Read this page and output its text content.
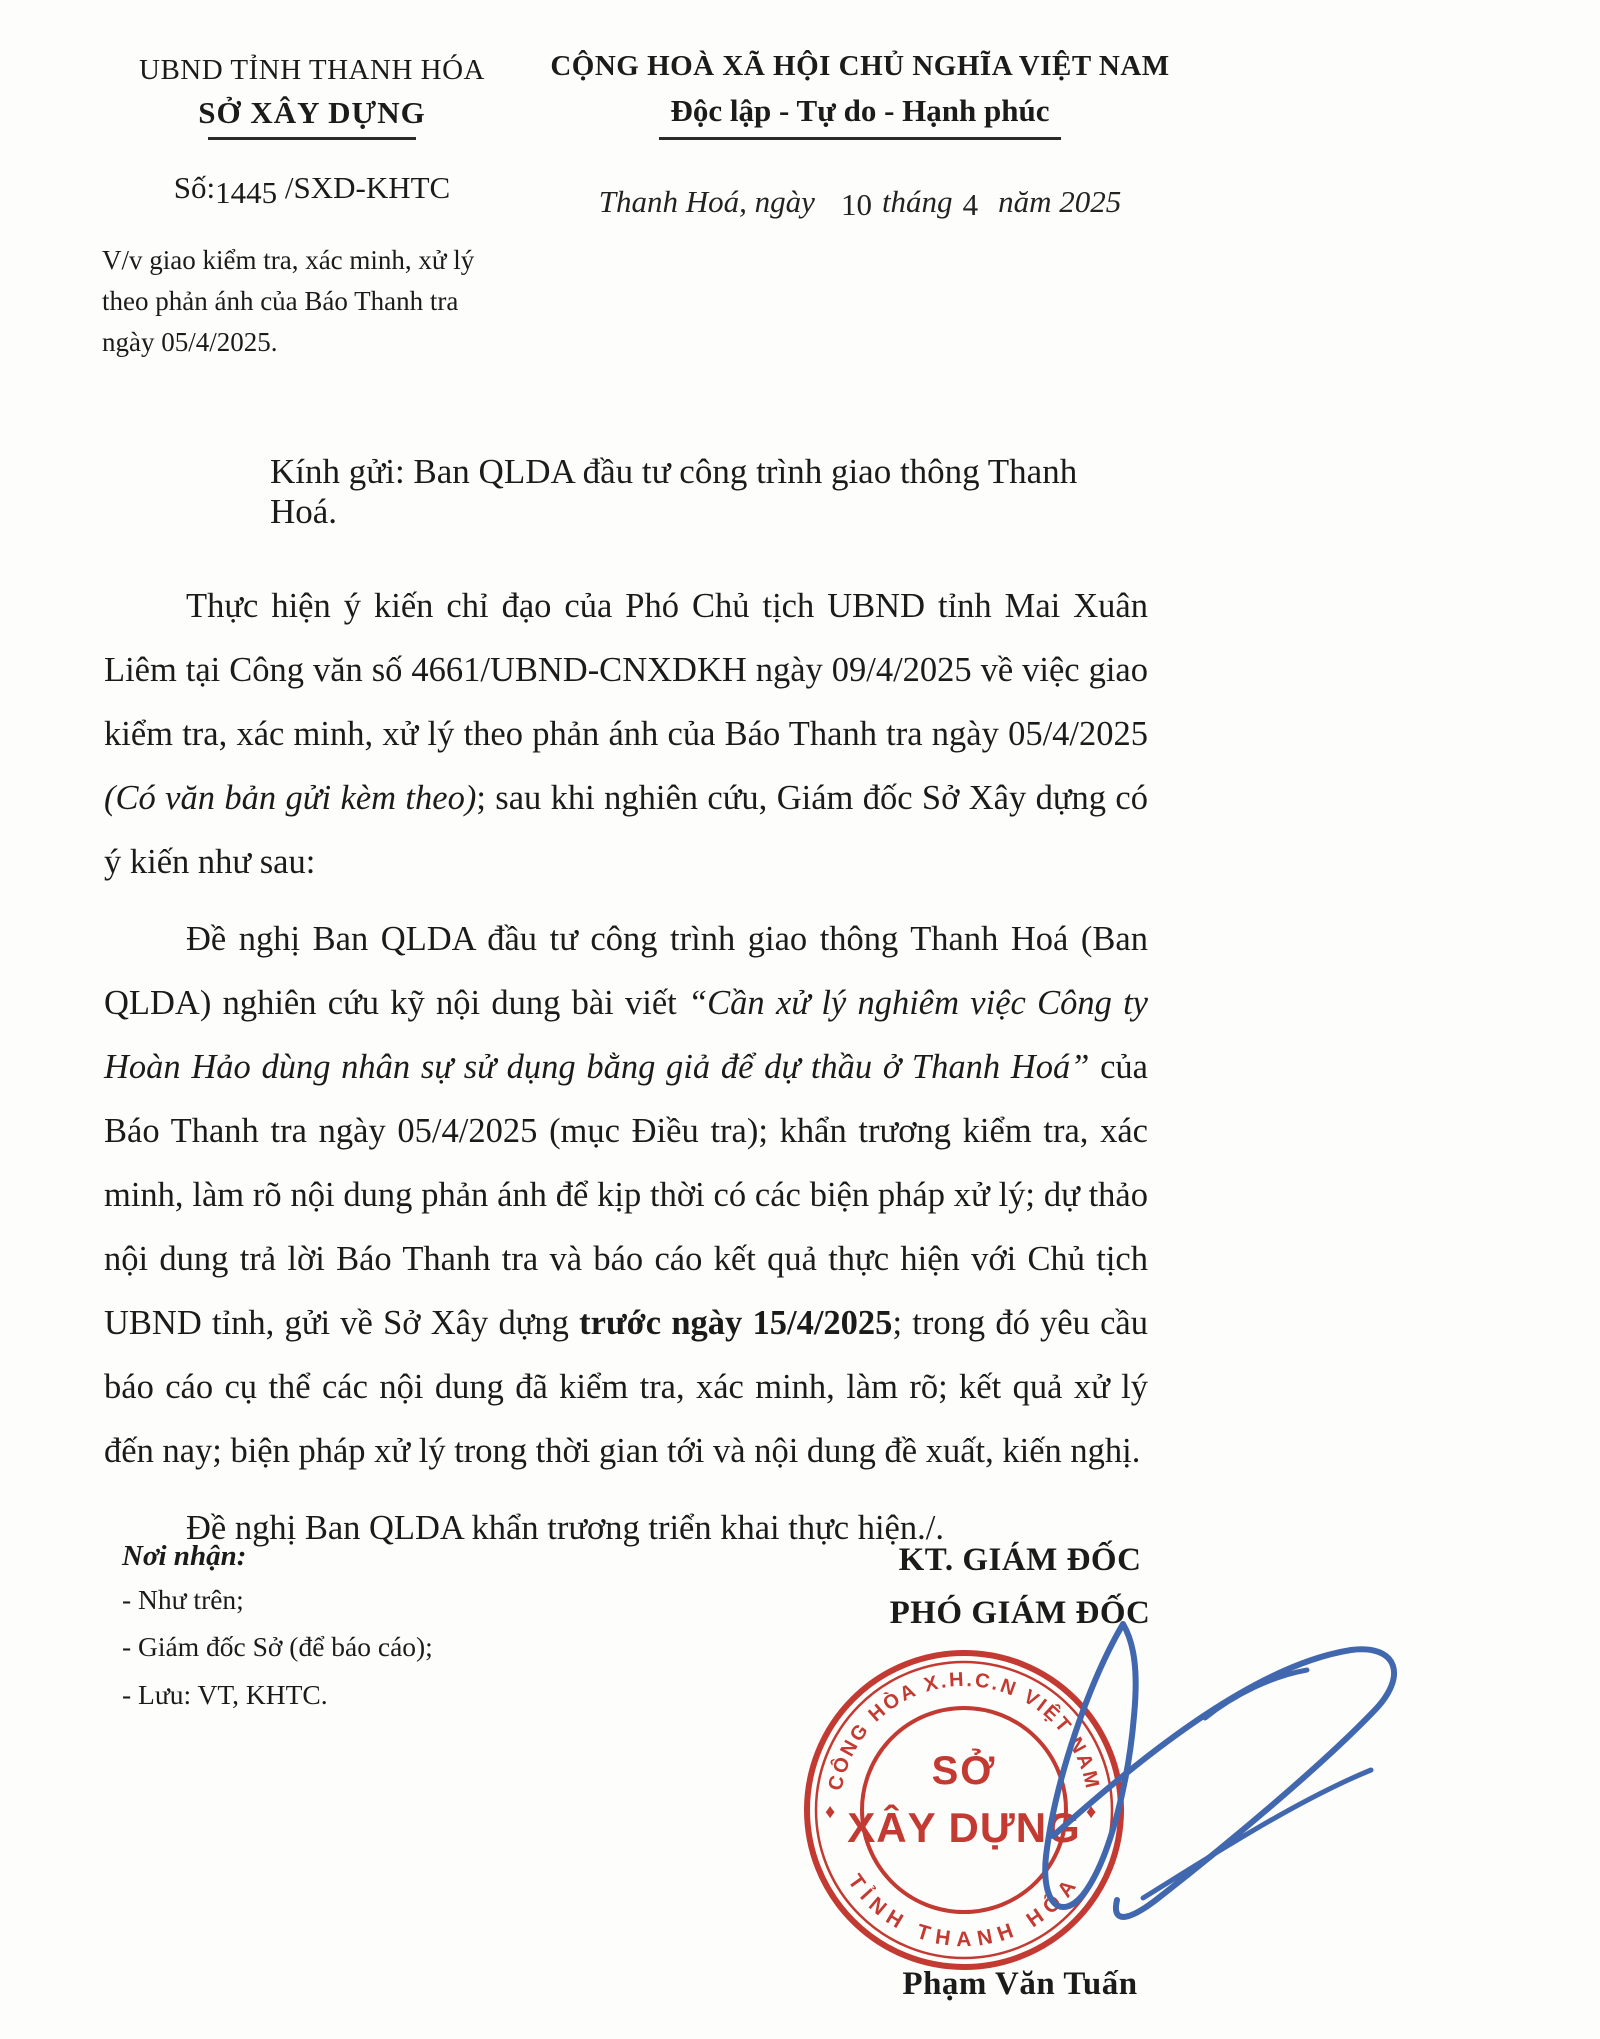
UBND TỈNH THANH HÓA
SỞ XÂY DỰNG
Số:1445 /SXD-KHTC
V/v giao kiểm tra, xác minh, xử lý theo phản ánh của Báo Thanh tra ngày 05/4/2025.
CỘNG HOÀ XÃ HỘI CHỦ NGHĨA VIỆT NAM
Độc lập - Tự do - Hạnh phúc
Thanh Hoá, ngày 10 tháng 4 năm 2025
Kính gửi: Ban QLDA đầu tư công trình giao thông Thanh Hoá.

Thực hiện ý kiến chỉ đạo của Phó Chủ tịch UBND tỉnh Mai Xuân Liêm tại Công văn số 4661/UBND-CNXDKH ngày 09/4/2025 về việc giao kiểm tra, xác minh, xử lý theo phản ánh của Báo Thanh tra ngày 05/4/2025 (Có văn bản gửi kèm theo); sau khi nghiên cứu, Giám đốc Sở Xây dựng có ý kiến như sau:

Đề nghị Ban QLDA đầu tư công trình giao thông Thanh Hoá (Ban QLDA) nghiên cứu kỹ nội dung bài viết “Cần xử lý nghiêm việc Công ty Hoàn Hảo dùng nhân sự sử dụng bằng giả để dự thầu ở Thanh Hoá” của Báo Thanh tra ngày 05/4/2025 (mục Điều tra); khẩn trương kiểm tra, xác minh, làm rõ nội dung phản ánh để kịp thời có các biện pháp xử lý; dự thảo nội dung trả lời Báo Thanh tra và báo cáo kết quả thực hiện với Chủ tịch UBND tỉnh, gửi về Sở Xây dựng trước ngày 15/4/2025; trong đó yêu cầu báo cáo cụ thể các nội dung đã kiểm tra, xác minh, làm rõ; kết quả xử lý đến nay; biện pháp xử lý trong thời gian tới và nội dung đề xuất, kiến nghị.

Đề nghị Ban QLDA khẩn trương triển khai thực hiện./.

Nơi nhận:
- Như trên;
- Giám đốc Sở (để báo cáo);
- Lưu: VT, KHTC.
KT. GIÁM ĐỐC
PHÓ GIÁM ĐỐC
CÔNG HÒA X.H.C.N VIỆT NAM
TỈNH THANH HÓA
SỞ
XÂY DỰNG
♦	♦
Phạm Văn Tuấn
